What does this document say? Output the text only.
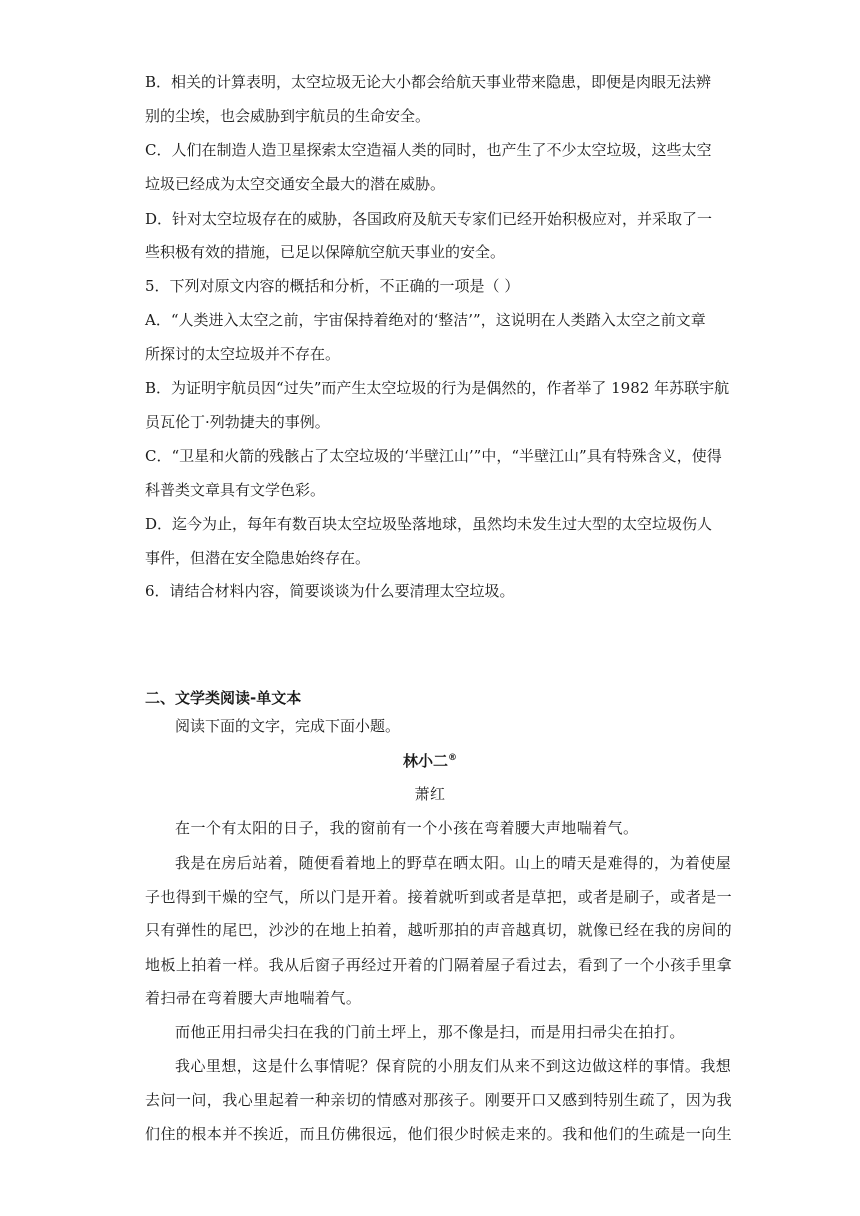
B．相关的计算表明，太空垃圾无论大小都会给航天事业带来隐患，即便是肉眼无法辨
别的尘埃，也会威胁到宇航员的生命安全。
C．人们在制造人造卫星探索太空造福人类的同时，也产生了不少太空垃圾，这些太空
垃圾已经成为太空交通安全最大的潜在威胁。
D．针对太空垃圾存在的威胁，各国政府及航天专家们已经开始积极应对，并采取了一
些积极有效的措施，已足以保障航空航天事业的安全。
5．下列对原文内容的概括和分析，不正确的一项是（ ）
A．“人类进入太空之前，宇宙保持着绝对的‘整洁’”，这说明在人类踏入太空之前文章
所探讨的太空垃圾并不存在。
B．为证明宇航员因“过失”而产生太空垃圾的行为是偶然的，作者举了 1982 年苏联宇航
员瓦伦丁·列勃捷夫的事例。
C．“卫星和火箭的残骸占了太空垃圾的‘半壁江山’”中，“半壁江山”具有特殊含义，使得
科普类文章具有文学色彩。
D．迄今为止，每年有数百块太空垃圾坠落地球，虽然均未发生过大型的太空垃圾伤人
事件，但潜在安全隐患始终存在。
6．请结合材料内容，简要谈谈为什么要清理太空垃圾。
二、文学类阅读-单文本
阅读下面的文字，完成下面小题。
林小二®
萧红
在一个有太阳的日子，我的窗前有一个小孩在弯着腰大声地喘着气。
我是在房后站着，随便看着地上的野草在晒太阳。山上的晴天是难得的，为着使屋
子也得到干燥的空气，所以门是开着。接着就听到或者是草把，或者是刷子，或者是一
只有弹性的尾巴，沙沙的在地上拍着，越听那拍的声音越真切，就像已经在我的房间的
地板上拍着一样。我从后窗子再经过开着的门隔着屋子看过去，看到了一个小孩手里拿
着扫帚在弯着腰大声地喘着气。
而他正用扫帚尖扫在我的门前土坪上，那不像是扫，而是用扫帚尖在拍打。
我心里想，这是什么事情呢？保育院的小朋友们从来不到这边做这样的事情。我想
去问一问，我心里起着一种亲切的情感对那孩子。刚要开口又感到特别生疏了，因为我
们住的根本并不挨近，而且仿佛很远，他们很少时候走来的。我和他们的生疏是一向生
